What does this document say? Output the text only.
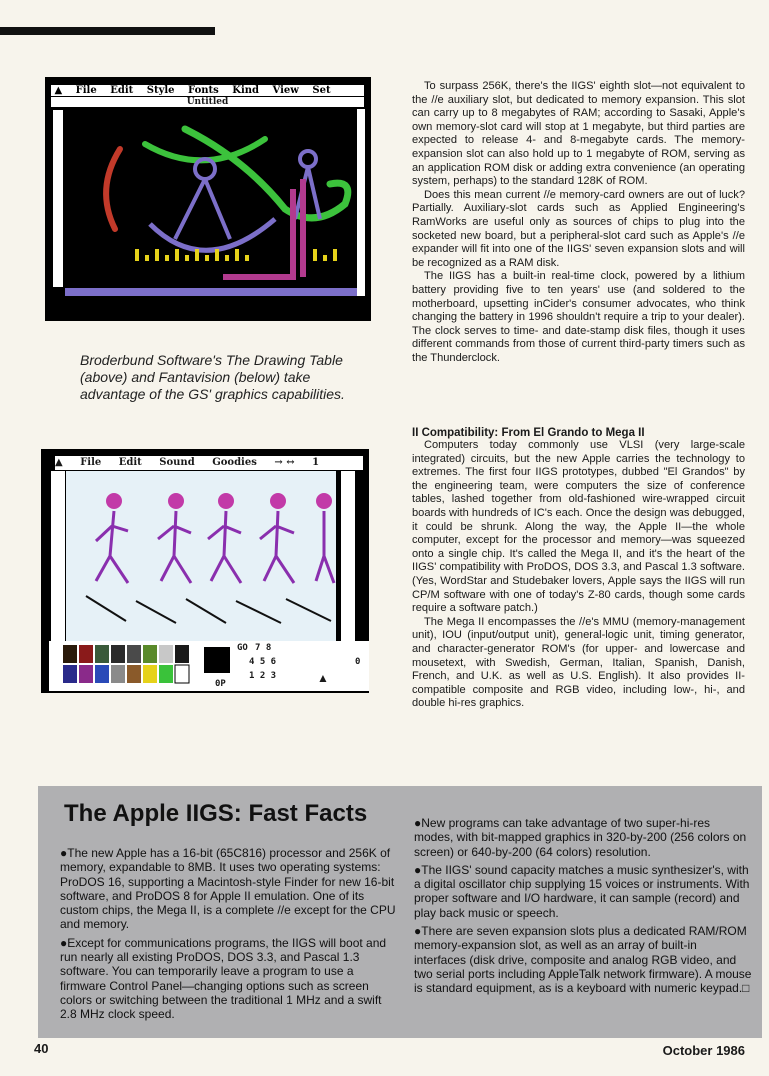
▲ File Edit Style Fonts Kind View Set
Untitled
Broderbund Software's The Drawing Table (above) and Fantavision (below) take advantage of the GS' graphics capabilities.
▲ File Edit Sound Goodies → ↔ 1
GO 7 8
4 5 6
1 2 3
0P
0
▲

To surpass 256K, there's the IIGS' eighth slot—not equivalent to the //e auxiliary slot, but dedicated to memory expansion. This slot can carry up to 8 megabytes of RAM; according to Sasaki, Apple's own memory-slot card will stop at 1 megabyte, but third parties are expected to release 4- and 8-megabyte cards. The memory-expansion slot can also hold up to 1 megabyte of ROM, serving as an application ROM disk or adding extra convenience (an operating system, perhaps) to the standard 128K of ROM.

Does this mean current //e memory-card owners are out of luck? Partially. Auxiliary-slot cards such as Applied Engineering's RamWorks are useful only as sources of chips to plug into the socketed new board, but a peripheral-slot card such as Apple's //e expander will fit into one of the IIGS' seven expansion slots and will be recognized as a RAM disk.

The IIGS has a built-in real-time clock, powered by a lithium battery providing five to ten years' use (and soldered to the motherboard, upsetting inCider's consumer advocates, who think changing the battery in 1996 shouldn't require a trip to your dealer). The clock serves to time- and date-stamp disk files, though it uses different commands from those of current third-party timers such as the Thunderclock.

II Compatibility: From El Grando to Mega II

Computers today commonly use VLSI (very large-scale integrated) circuits, but the new Apple carries the technology to extremes. The first four IIGS prototypes, dubbed "El Grandos" by the engineering team, were computers the size of conference tables, lashed together from old-fashioned wire-wrapped circuit boards with hundreds of IC's each. Once the design was debugged, it could be shrunk. Along the way, the Apple II—the whole computer, except for the processor and memory—was squeezed onto a single chip. It's called the Mega II, and it's the heart of the IIGS' compatibility with ProDOS, DOS 3.3, and Pascal 1.3 software. (Yes, WordStar and Studebaker lovers, Apple says the IIGS will run CP/M software with one of today's Z-80 cards, though some cards require a software patch.)

The Mega II encompasses the //e's MMU (memory-management unit), IOU (input/output unit), general-logic unit, timing generator, and character-generator ROM's (for upper- and lowercase and mousetext, with Swedish, German, Italian, Spanish, Danish, French, and U.K. as well as U.S. English). It also provides II-compatible composite and RGB video, including low-, hi-, and double hi-res graphics.

The Apple IIGS: Fast Facts

●The new Apple has a 16-bit (65C816) processor and 256K of memory, expandable to 8MB. It uses two operating systems: ProDOS 16, supporting a Macintosh-style Finder for new 16-bit software, and ProDOS 8 for Apple II emulation. One of its custom chips, the Mega II, is a complete //e except for the CPU and memory.

●Except for communications programs, the IIGS will boot and run nearly all existing ProDOS, DOS 3.3, and Pascal 1.3 software. You can temporarily leave a program to use a firmware Control Panel—changing options such as screen colors or switching between the traditional 1 MHz and a swift 2.8 MHz clock speed.

●New programs can take advantage of two super-hi-res modes, with bit-mapped graphics in 320-by-200 (256 colors on screen) or 640-by-200 (64 colors) resolution.

●The IIGS' sound capacity matches a music synthesizer's, with a digital oscillator chip supplying 15 voices or instruments. With proper software and I/O hardware, it can sample (record) and play back music or speech.

●There are seven expansion slots plus a dedicated RAM/ROM memory-expansion slot, as well as an array of built-in interfaces (disk drive, composite and analog RGB video, and two serial ports including AppleTalk network firmware). A mouse is standard equipment, as is a keyboard with numeric keypad.□

40	October 1986
